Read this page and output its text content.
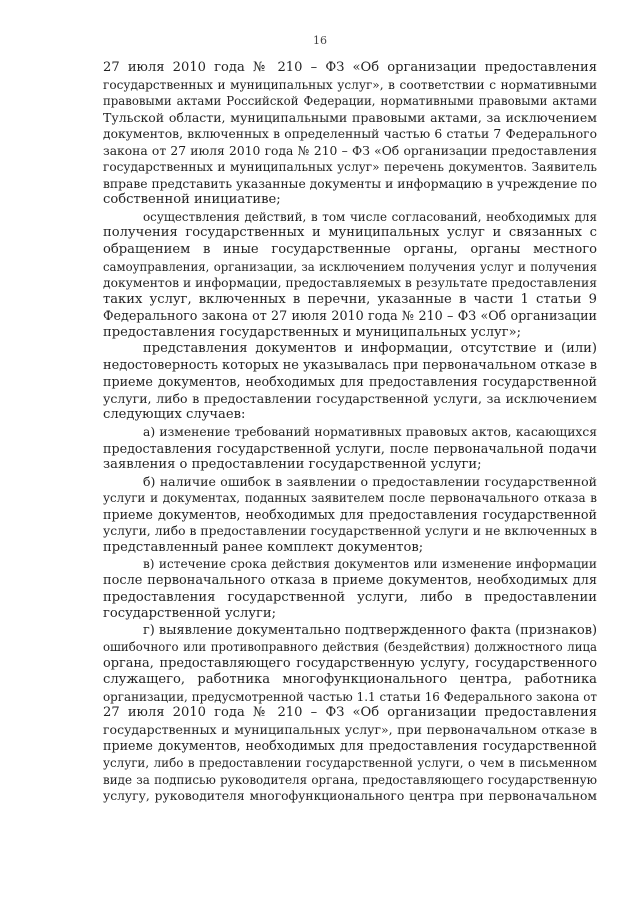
16
27 июля 2010 года № 210 – ФЗ «Об организации предоставления
государственных и муниципальных услуг», в соответствии с нормативными
правовыми актами Российской Федерации, нормативными правовыми актами
Тульской области, муниципальными правовыми актами, за исключением
документов, включенных в определенный частью 6 статьи 7 Федерального
закона от 27 июля 2010 года № 210 – ФЗ «Об организации предоставления
государственных и муниципальных услуг» перечень документов. Заявитель
вправе представить указанные документы и информацию в учреждение по
собственной инициативе;
осуществления действий, в том числе согласований, необходимых для
получения государственных и муниципальных услуг и связанных с
обращением в иные государственные органы, органы местного
самоуправления, организации, за исключением получения услуг и получения
документов и информации, предоставляемых в результате предоставления
таких услуг, включенных в перечни, указанные в части 1 статьи 9
Федерального закона от 27 июля 2010 года № 210 – ФЗ «Об организации
предоставления государственных и муниципальных услуг»;
представления документов и информации, отсутствие и (или)
недостоверность которых не указывалась при первоначальном отказе в
приеме документов, необходимых для предоставления государственной
услуги, либо в предоставлении государственной услуги, за исключением
следующих случаев:
а) изменение требований нормативных правовых актов, касающихся
предоставления государственной услуги, после первоначальной подачи
заявления о предоставлении государственной услуги;
б) наличие ошибок в заявлении о предоставлении государственной
услуги и документах, поданных заявителем после первоначального отказа в
приеме документов, необходимых для предоставления государственной
услуги, либо в предоставлении государственной услуги и не включенных в
представленный ранее комплект документов;
в) истечение срока действия документов или изменение информации
после первоначального отказа в приеме документов, необходимых для
предоставления государственной услуги, либо в предоставлении
государственной услуги;
г) выявление документально подтвержденного факта (признаков)
ошибочного или противоправного действия (бездействия) должностного лица
органа, предоставляющего государственную услугу, государственного
служащего, работника многофункционального центра, работника
организации, предусмотренной частью 1.1 статьи 16 Федерального закона от
27 июля 2010 года № 210 – ФЗ «Об организации предоставления
государственных и муниципальных услуг», при первоначальном отказе в
приеме документов, необходимых для предоставления государственной
услуги, либо в предоставлении государственной услуги, о чем в письменном
виде за подписью руководителя органа, предоставляющего государственную
услугу, руководителя многофункционального центра при первоначальном
